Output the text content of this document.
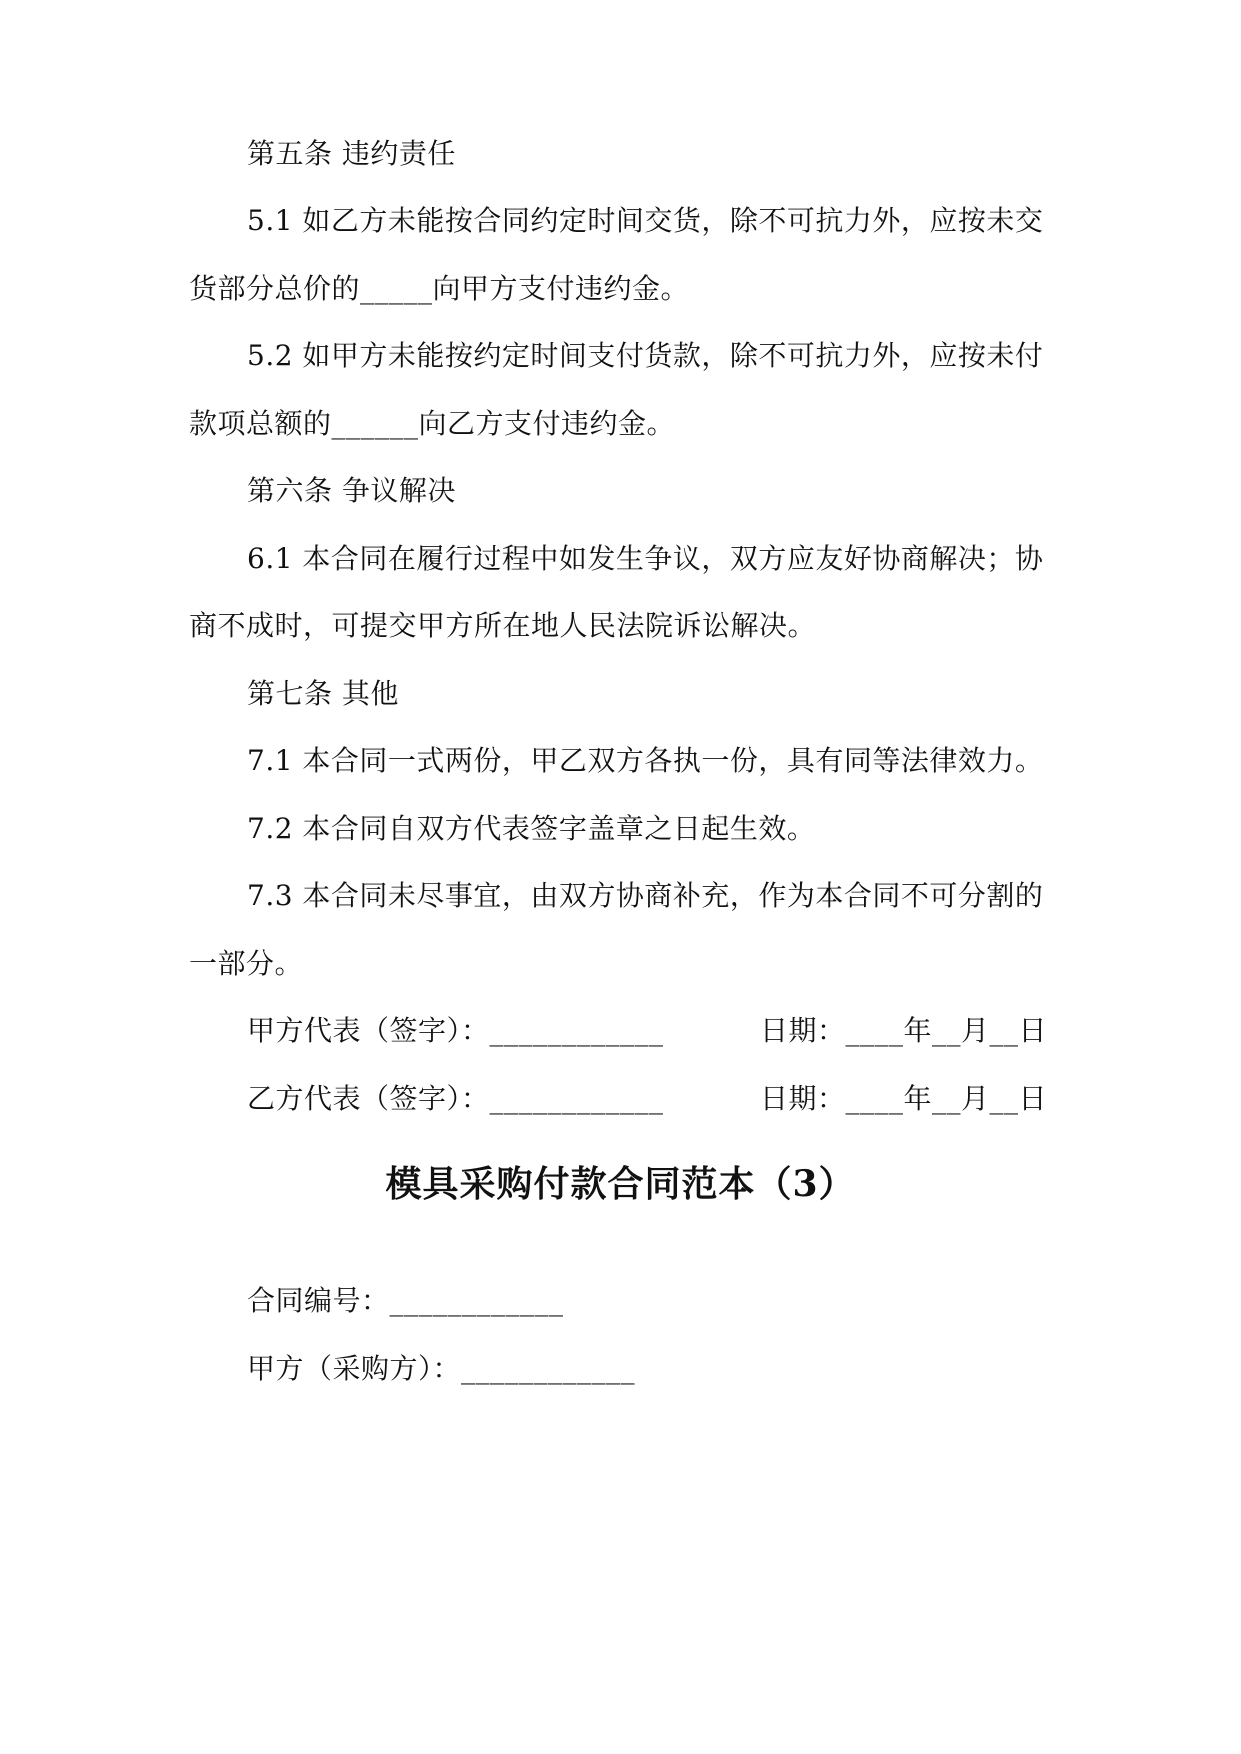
第五条 违约责任
5.1 如乙方未能按合同约定时间交货，除不可抗力外，应按未交
货部分总价的_____向甲方支付违约金。
5.2 如甲方未能按约定时间支付货款，除不可抗力外，应按未付
款项总额的______向乙方支付违约金。
第六条 争议解决
6.1 本合同在履行过程中如发生争议，双方应友好协商解决；协
商不成时，可提交甲方所在地人民法院诉讼解决。
第七条 其他
7.1 本合同一式两份，甲乙双方各执一份，具有同等法律效力。
7.2 本合同自双方代表签字盖章之日起生效。
7.3 本合同未尽事宜，由双方协商补充，作为本合同不可分割的
一部分。
甲方代表（签字）：____________	日期：____年__月__日
乙方代表（签字）：____________	日期：____年__月__日
模具采购付款合同范本（3）
合同编号：____________
甲方（采购方）：____________
